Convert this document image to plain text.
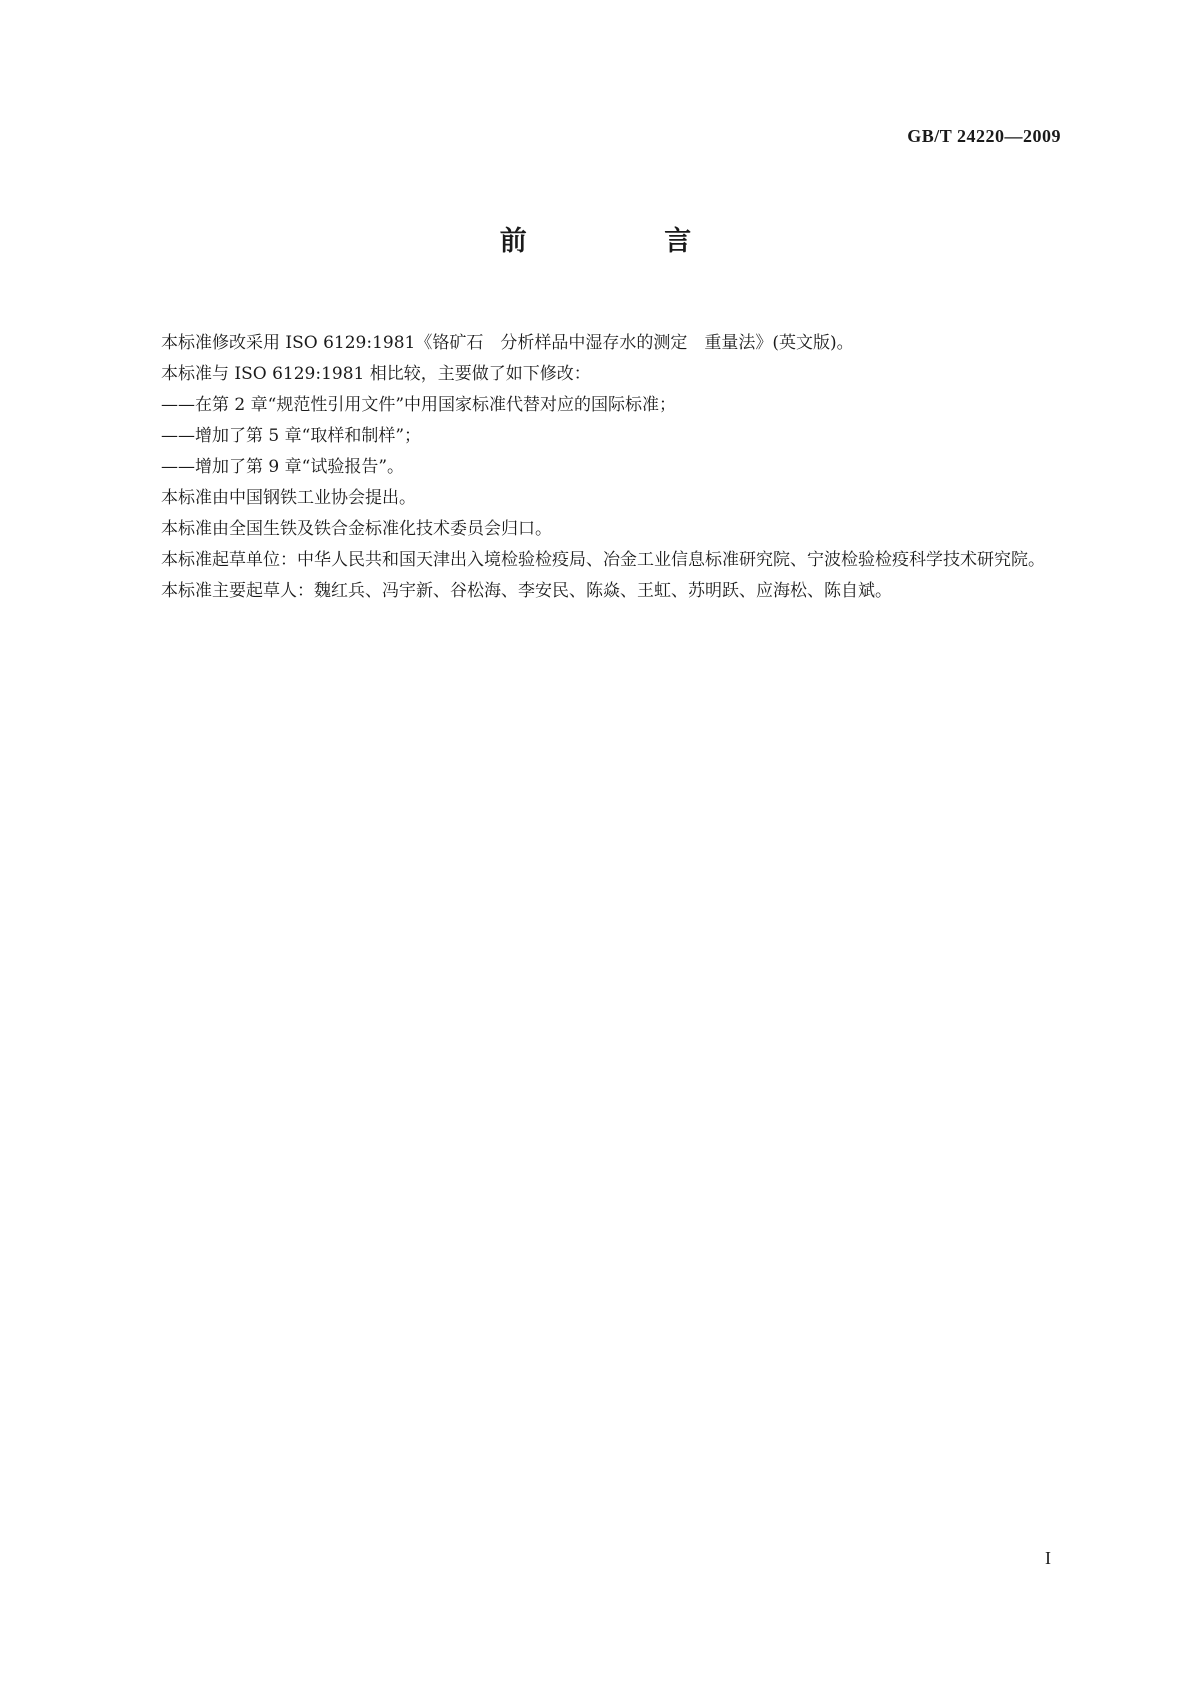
GB/T 24220—2009
前 言

本标准修改采用 ISO 6129:1981《铬矿石　分析样品中湿存水的测定　重量法》(英文版)。

本标准与 ISO 6129:1981 相比较，主要做了如下修改：

——在第 2 章“规范性引用文件”中用国家标准代替对应的国际标准；

——增加了第 5 章“取样和制样”；

——增加了第 9 章“试验报告”。

本标准由中国钢铁工业协会提出。

本标准由全国生铁及铁合金标准化技术委员会归口。

本标准起草单位：中华人民共和国天津出入境检验检疫局、冶金工业信息标准研究院、宁波检验检疫科学技术研究院。

本标准主要起草人：魏红兵、冯宇新、谷松海、李安民、陈焱、王虹、苏明跃、应海松、陈自斌。

I
